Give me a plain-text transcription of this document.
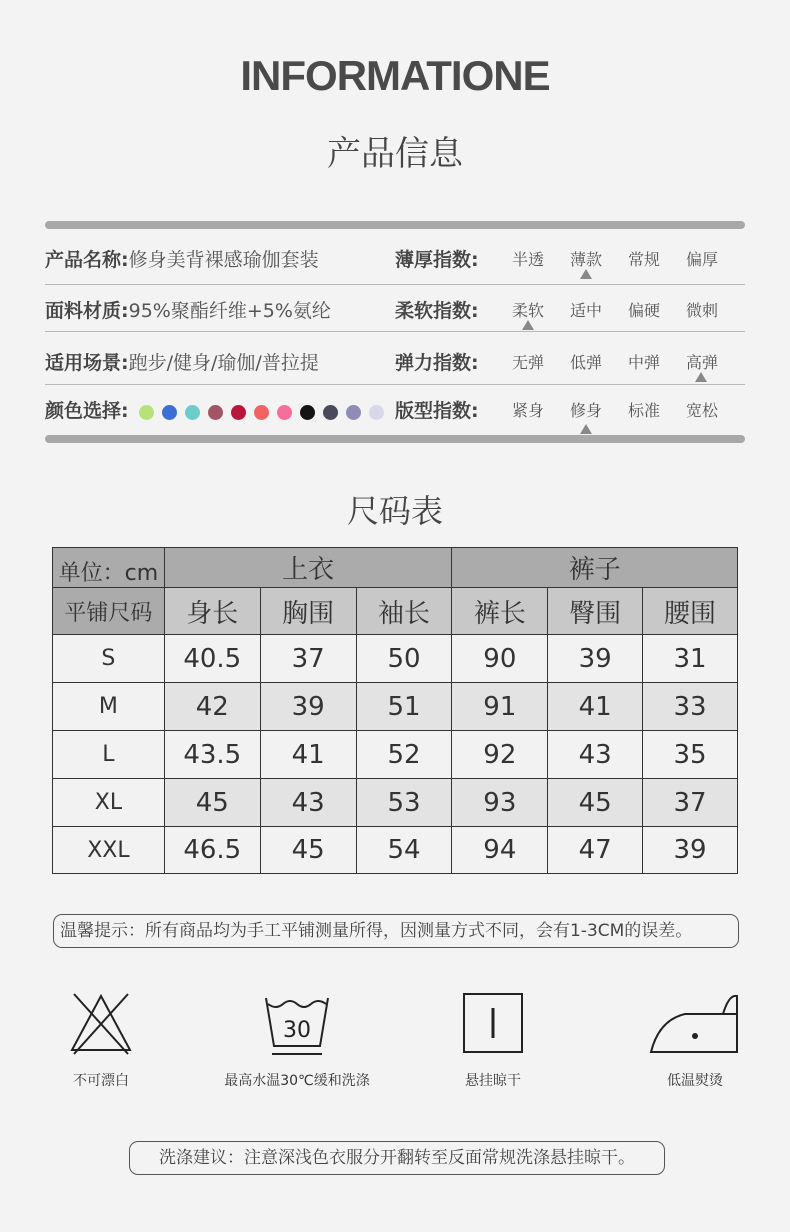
INFORMATIONE
产品信息
产品名称:修身美背裸感瑜伽套装	薄厚指数:	半透	薄款	常规	偏厚
面料材质:95%聚酯纤维+5%氨纶	柔软指数:	柔软	适中	偏硬	微刺
适用场景:跑步/健身/瑜伽/普拉提	弹力指数:	无弹	低弹	中弹	高弹
颜色选择:	版型指数:	紧身	修身	标准	宽松
尺码表
单位：cm	上衣			裤子		
平铺尺码	身长	胸围	袖长	裤长	臀围	腰围
S	40.5	37	50	90	39	31
M	42	39	51	91	41	33
L	43.5	41	52	92	43	35
XL	45	43	53	93	45	37
XXL	46.5	45	54	94	47	39
温馨提示：所有商品均为手工平铺测量所得，因测量方式不同，会有1-3CM的误差。
不可漂白
30
最高水温30℃缓和洗涤	悬挂晾干	低温熨烫
洗涤建议：注意深浅色衣服分开翻转至反面常规洗涤悬挂晾干。
